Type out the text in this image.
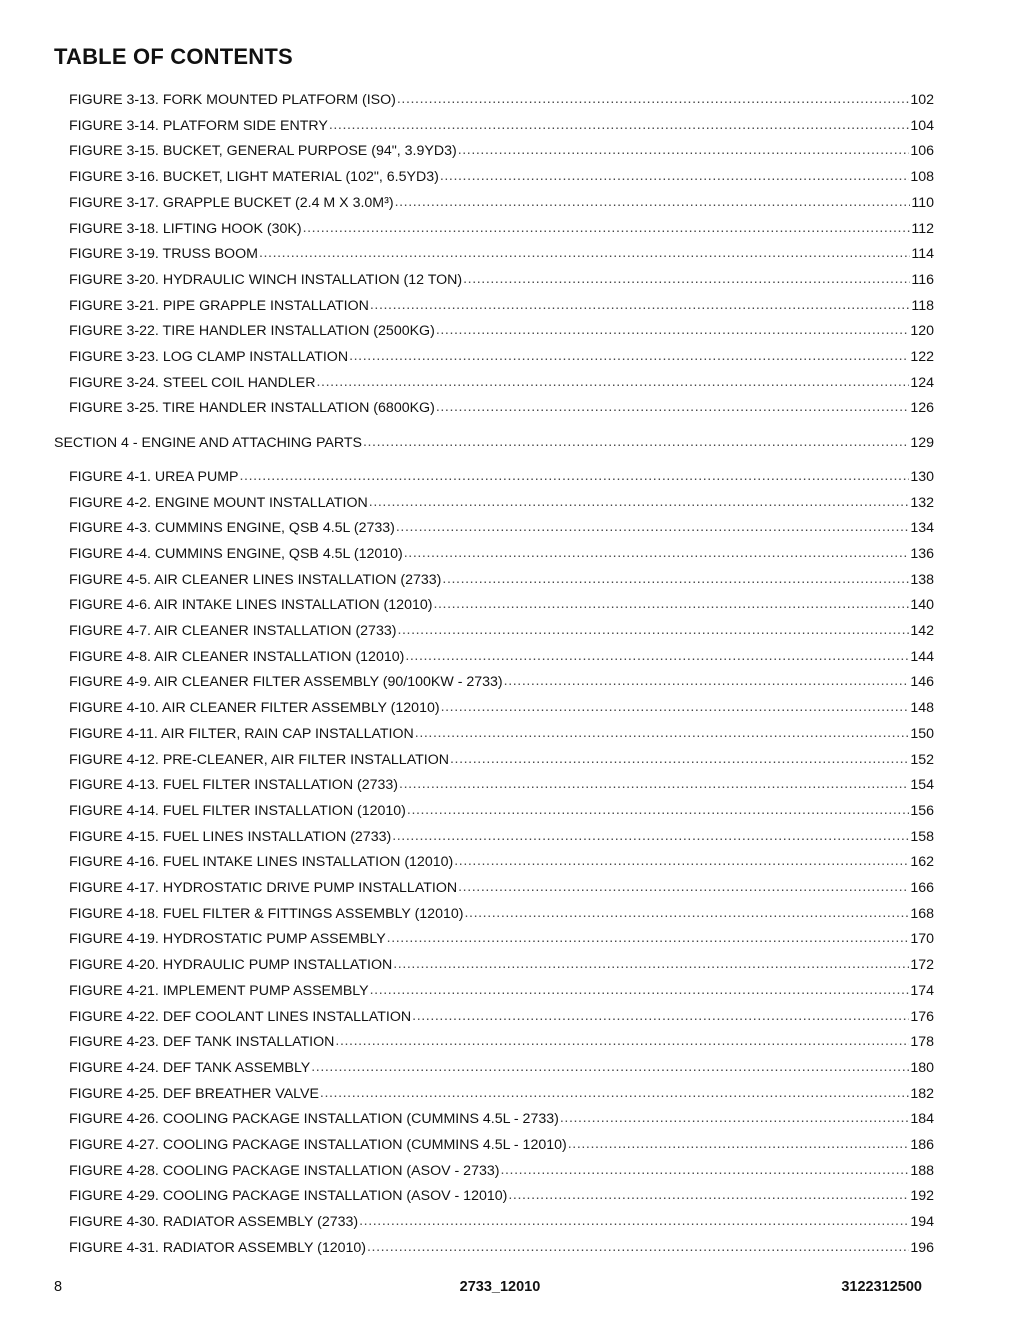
TABLE OF CONTENTS
FIGURE 3-13. FORK MOUNTED PLATFORM (ISO) .....	102
FIGURE 3-14. PLATFORM SIDE ENTRY .....	104
FIGURE 3-15. BUCKET, GENERAL PURPOSE (94", 3.9YD3) .....	106
FIGURE 3-16. BUCKET, LIGHT MATERIAL (102", 6.5YD3) .....	108
FIGURE 3-17. GRAPPLE BUCKET (2.4 M X 3.0M³) .....	110
FIGURE 3-18. LIFTING HOOK (30K) .....	112
FIGURE 3-19. TRUSS BOOM .....	114
FIGURE 3-20. HYDRAULIC WINCH INSTALLATION (12 TON) .....	116
FIGURE 3-21. PIPE GRAPPLE INSTALLATION .....	118
FIGURE 3-22. TIRE HANDLER INSTALLATION (2500KG) .....	120
FIGURE 3-23. LOG CLAMP INSTALLATION .....	122
FIGURE 3-24. STEEL COIL HANDLER .....	124
FIGURE 3-25. TIRE HANDLER INSTALLATION (6800KG) .....	126
SECTION 4 - ENGINE AND ATTACHING PARTS .....	129
FIGURE 4-1. UREA PUMP .....	130
FIGURE 4-2. ENGINE MOUNT INSTALLATION .....	132
FIGURE 4-3. CUMMINS ENGINE, QSB 4.5L (2733) .....	134
FIGURE 4-4. CUMMINS ENGINE, QSB 4.5L (12010) .....	136
FIGURE 4-5. AIR CLEANER LINES INSTALLATION (2733) .....	138
FIGURE 4-6. AIR INTAKE LINES INSTALLATION (12010) .....	140
FIGURE 4-7. AIR CLEANER INSTALLATION (2733) .....	142
FIGURE 4-8. AIR CLEANER INSTALLATION (12010) .....	144
FIGURE 4-9. AIR CLEANER FILTER ASSEMBLY (90/100KW - 2733) .....	146
FIGURE 4-10. AIR CLEANER FILTER ASSEMBLY (12010) .....	148
FIGURE 4-11. AIR FILTER, RAIN CAP INSTALLATION .....	150
FIGURE 4-12. PRE-CLEANER, AIR FILTER INSTALLATION .....	152
FIGURE 4-13. FUEL FILTER INSTALLATION (2733) .....	154
FIGURE 4-14. FUEL FILTER INSTALLATION (12010) .....	156
FIGURE 4-15. FUEL LINES INSTALLATION (2733) .....	158
FIGURE 4-16. FUEL INTAKE LINES INSTALLATION (12010) .....	162
FIGURE 4-17. HYDROSTATIC DRIVE PUMP INSTALLATION .....	166
FIGURE 4-18. FUEL FILTER & FITTINGS ASSEMBLY (12010) .....	168
FIGURE 4-19. HYDROSTATIC PUMP ASSEMBLY .....	170
FIGURE 4-20. HYDRAULIC PUMP INSTALLATION .....	172
FIGURE 4-21. IMPLEMENT PUMP ASSEMBLY .....	174
FIGURE 4-22. DEF COOLANT LINES INSTALLATION .....	176
FIGURE 4-23. DEF TANK INSTALLATION .....	178
FIGURE 4-24. DEF TANK ASSEMBLY .....	180
FIGURE 4-25. DEF BREATHER VALVE .....	182
FIGURE 4-26. COOLING PACKAGE INSTALLATION (CUMMINS 4.5L - 2733) .....	184
FIGURE 4-27. COOLING PACKAGE INSTALLATION (CUMMINS 4.5L - 12010) .....	186
FIGURE 4-28. COOLING PACKAGE INSTALLATION (ASOV - 2733) .....	188
FIGURE 4-29. COOLING PACKAGE INSTALLATION (ASOV - 12010) .....	192
FIGURE 4-30. RADIATOR ASSEMBLY (2733) .....	194
FIGURE 4-31. RADIATOR ASSEMBLY (12010) .....	196
8	2733_12010	3122312500
